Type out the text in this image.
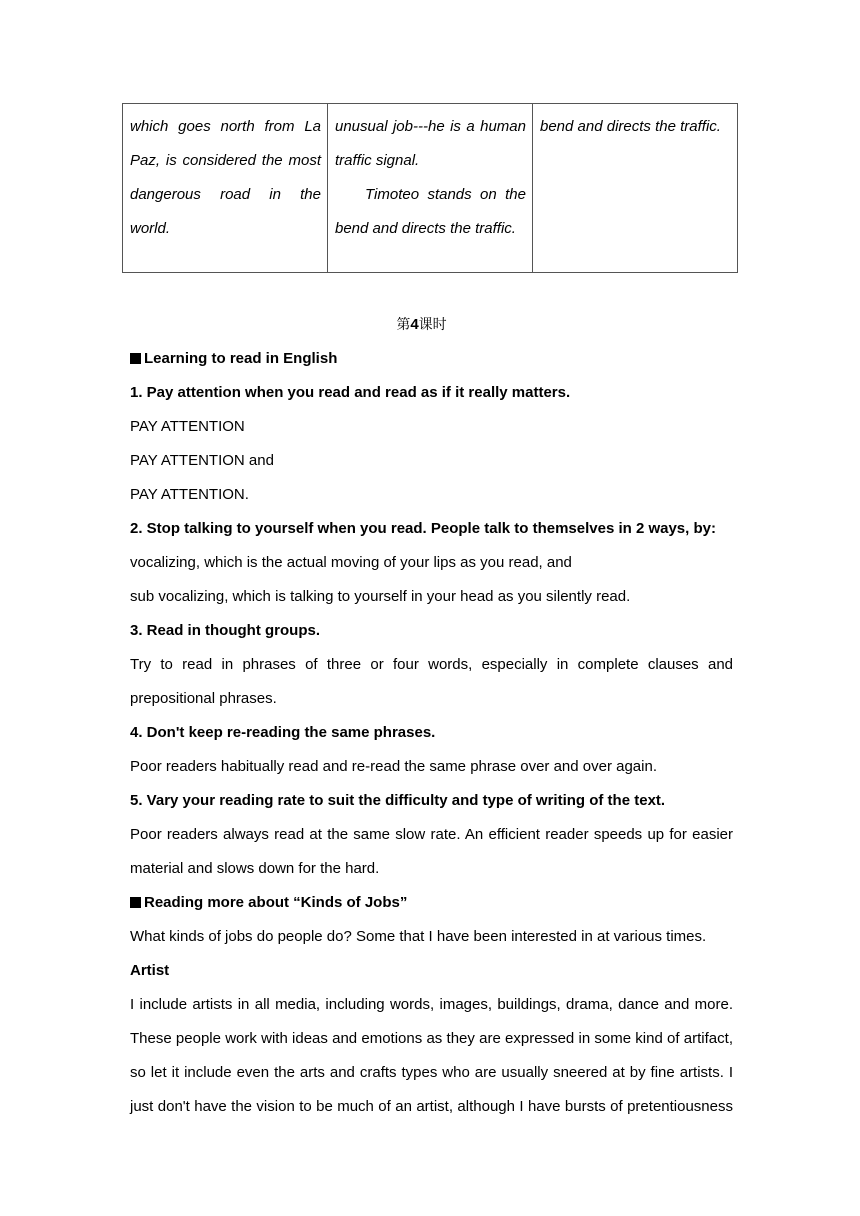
which goes north from La
Paz, is considered the most
dangerous road in the
world.

unusual job---he is a human
traffic signal.
Timoteo stands on the
bend and directs the traffic.

bend and directs the traffic.
第4课时
Learning to read in English
1. Pay attention when you read and read as if it really matters.
PAY ATTENTION
PAY ATTENTION and
PAY ATTENTION.
2. Stop talking to yourself when you read. People talk to themselves in 2 ways, by:
vocalizing, which is the actual moving of your lips as you read, and
sub vocalizing, which is talking to yourself in your head as you silently read.
3. Read in thought groups.
Try to read in phrases of three or four words, especially in complete clauses and
prepositional phrases.
4. Don't keep re-reading the same phrases.
Poor readers habitually read and re-read the same phrase over and over again.
5. Vary your reading rate to suit the difficulty and type of writing of the text.
Poor readers always read at the same slow rate. An efficient reader speeds up for easier
material and slows down for the hard.
Reading more about “Kinds of Jobs”
What kinds of jobs do people do? Some that I have been interested in at various times.
Artist
I include artists in all media, including words, images, buildings, drama, dance and more.
These people work with ideas and emotions as they are expressed in some kind of artifact,
so let it include even the arts and crafts types who are usually sneered at by fine artists. I
just don't have the vision to be much of an artist, although I have bursts of pretentiousness
